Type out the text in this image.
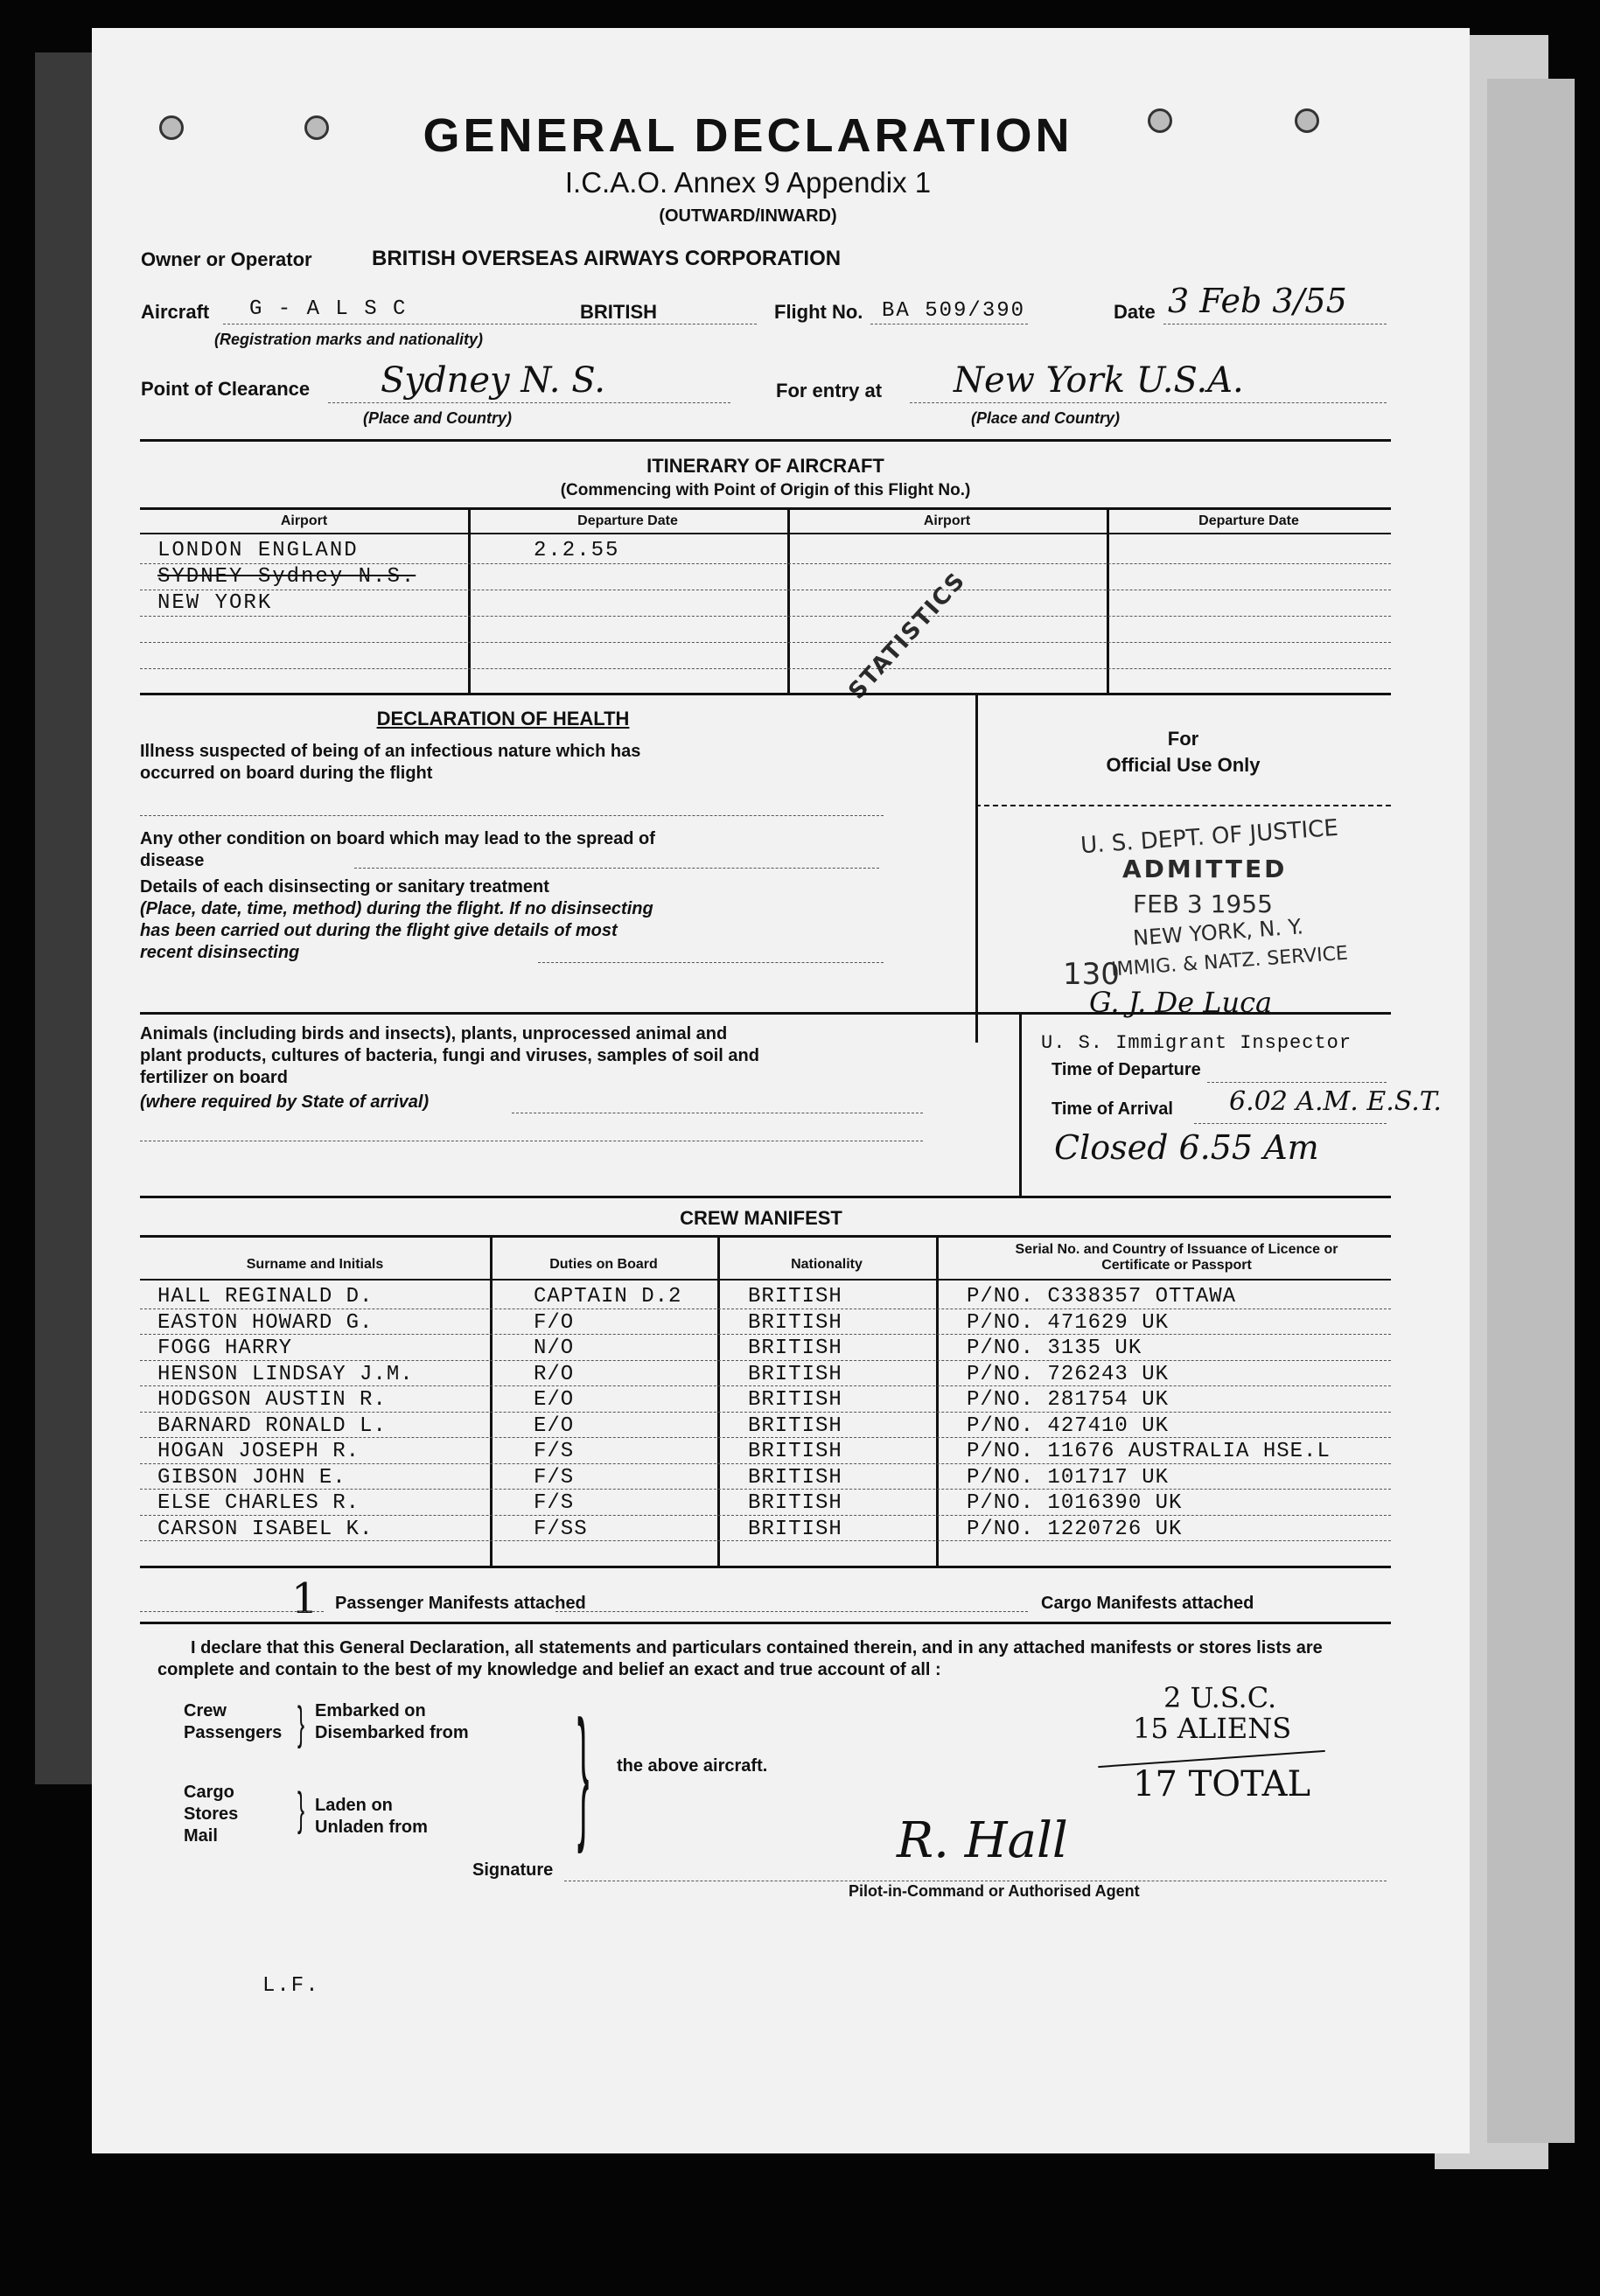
GENERAL DECLARATION
I.C.A.O. Annex 9 Appendix 1
(OUTWARD/INWARD)
Owner or Operator	BRITISH OVERSEAS AIRWAYS CORPORATION
Aircraft G - A L S C	BRITISH
(Registration marks and nationality)
Flight No. BA 509/390	Date 3 Feb 3/55
Point of Clearance Sydney N. S.
(Place and Country)
For entry at New York U.S.A.
(Place and Country)
ITINERARY OF AIRCRAFT
(Commencing with Point of Origin of this Flight No.)
Airport	Departure Date	Airport	Departure Date
LONDON ENGLAND	2.2.55
SYDNEY Sydney N.S.
NEW YORK	STATISTICS
DECLARATION OF HEALTH
Illness suspected of being of an infectious nature which has occurred on board during the flight
Any other condition on board which may lead to the spread of disease
Details of each disinsecting or sanitary treatment
(Place, date, time, method) during the flight. If no disinsecting has been carried out during the flight give details of most recent disinsecting
Animals (including birds and insects), plants, unprocessed animal and plant products, cultures of bacteria, fungi and viruses, samples of soil and fertilizer on board
(where required by State of arrival)
For
Official Use Only
U. S. DEPT. OF JUSTICE
ADMITTED
FEB 3 1955
NEW YORK, N. Y.
IMMIG. & NATZ. SERVICE
130
G. J. De Luca
U. S. Immigrant Inspector
Time of Departure
Time of Arrival 6.02 A.M. E.S.T.
Closed 6.55 Am
CREW MANIFEST
Surname and Initials	Duties on Board	Nationality
Serial No. and Country of Issuance of Licence or Certificate or Passport
HALL REGINALD D.	CAPTAIN D.2	BRITISH	P/NO. C338357 OTTAWA
EASTON HOWARD G.	F/O	BRITISH	P/NO. 471629 UK
FOGG HARRY	N/O	BRITISH	P/NO. 3135 UK
HENSON LINDSAY J.M.	R/O	BRITISH	P/NO. 726243 UK
HODGSON AUSTIN R.	E/O	BRITISH	P/NO. 281754 UK
BARNARD RONALD L.	E/O	BRITISH	P/NO. 427410 UK
HOGAN JOSEPH R.	F/S	BRITISH	P/NO. 11676 AUSTRALIA HSE.L
GIBSON JOHN E.	F/S	BRITISH	P/NO. 101717 UK
ELSE CHARLES R.	F/S	BRITISH	P/NO. 1016390 UK
CARSON ISABEL K.	F/SS	BRITISH	P/NO. 1220726 UK
1 Passenger Manifests attached	Cargo Manifests attached
I declare that this General Declaration, all statements and particulars contained therein, and in any attached manifests or stores lists are complete and contain to the best of my knowledge and belief an exact and true account of all :
Crew
Passengers } Embarked on
Disembarked from
Cargo
Stores
Mail	} Laden on
Unladen from	} the above aircraft.
2 U.S.C.
15 ALIENS
17 TOTAL
Signature
R. Hall
Pilot-in-Command or Authorised Agent
L.F.
